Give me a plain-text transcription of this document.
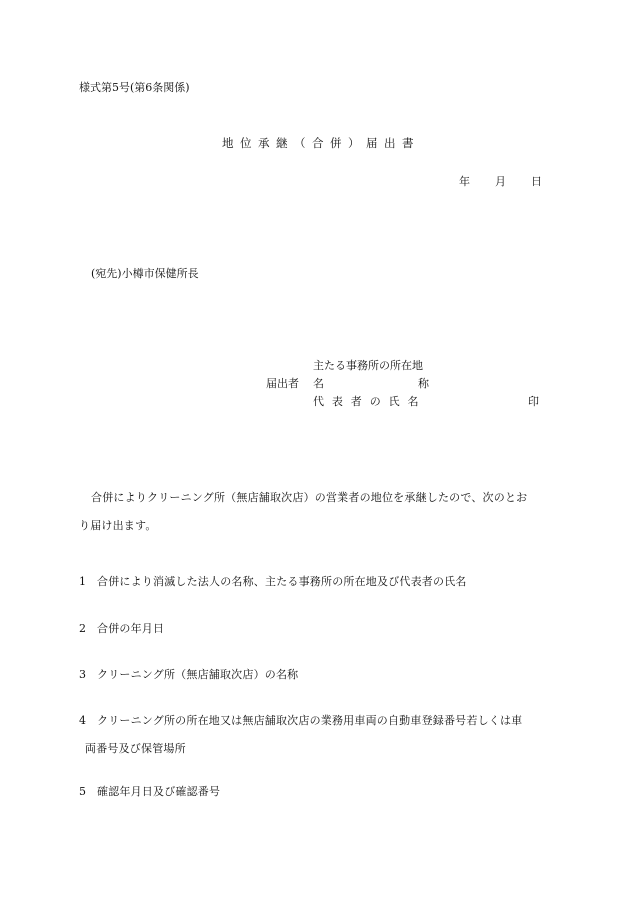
様式第5号(第6条関係)
地位承継（合併）届出書
年 月 日
(宛先)小樽市保健所長
主たる事務所の所在地
届出者 名	称
代 表 者 の 氏 名	印
合併によりクリーニング所（無店舗取次店）の営業者の地位を承継したので、次のとお
り届け出ます。
1 合併により消滅した法人の名称、主たる事務所の所在地及び代表者の氏名
2 合併の年月日
3 クリーニング所（無店舗取次店）の名称
4 クリーニング所の所在地又は無店舗取次店の業務用車両の自動車登録番号若しくは車
両番号及び保管場所
5 確認年月日及び確認番号
